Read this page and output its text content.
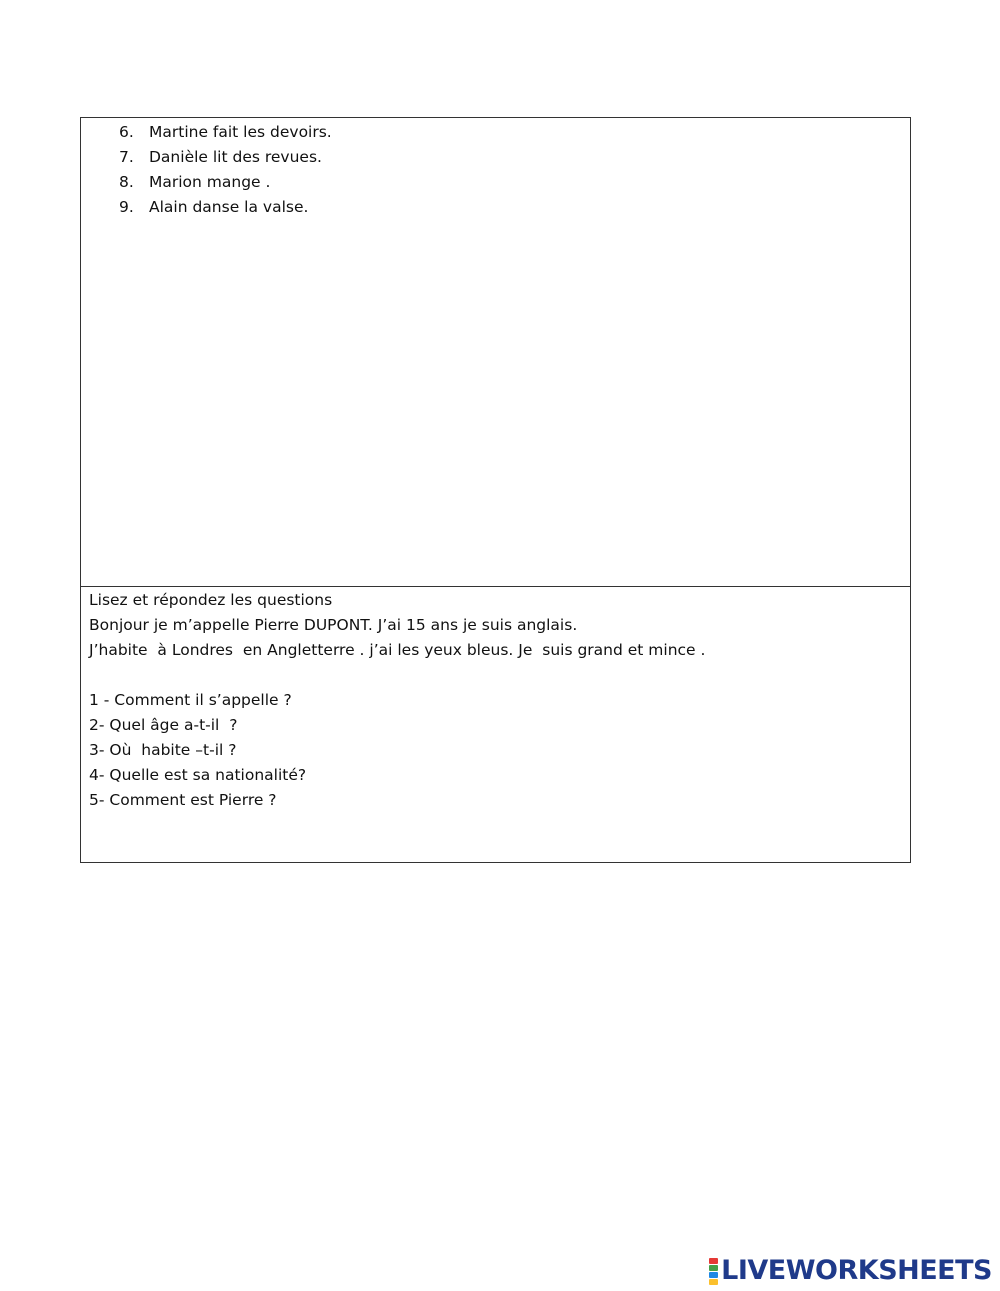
6. Martine fait les devoirs.
7. Danièle lit des revues.
8. Marion mange .
9. Alain danse la valse.
Lisez et répondez les questions
Bonjour je m’appelle Pierre DUPONT. J’ai 15 ans je suis anglais.
J’habite  à Londres  en Angletterre . j’ai les yeux bleus. Je  suis grand et mince .
1 - Comment il s’appelle ?
2- Quel âge a-t-il  ?
3- Où  habite –t-il ?
4- Quelle est sa nationalité?
5- Comment est Pierre ?
LIVEWORKSHEETS
